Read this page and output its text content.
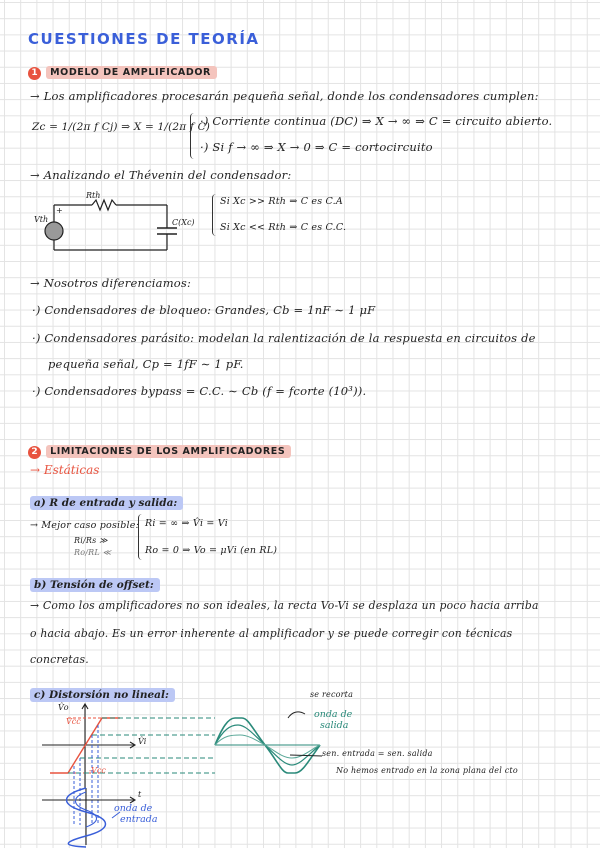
CUESTIONES DE TEORÍA
1 MODELO DE AMPLIFICADOR
→ Los amplificadores procesarán pequeña señal, donde los condensadores cumplen:
Zc = 1/(2π f Cj) ⇒ X = 1/(2π f C)
·) Corriente continua (DC) ⇒ X → ∞ ⇒ C = circuito abierto.
·) Si f → ∞ ⇒ X → 0 ⇒ C = cortocircuito
→ Analizando el Thévenin del condensador:
Rth
Vth
+
C(Xc)
Si Xc >> Rth ⇒ C es C.A
Si Xc << Rth ⇒ C es C.C.
→ Nosotros diferenciamos:
·) Condensadores de bloqueo: Grandes, Cb = 1nF ∼ 1 μF
·) Condensadores parásito: modelan la ralentización de la respuesta en circuitos de
pequeña señal, Cp = 1fF ∼ 1 pF.
·) Condensadores bypass = C.C. ∼ Cb (f = fcorte (10³)).
2 LIMITACIONES DE LOS AMPLIFICADORES
→ Estáticas
a) R de entrada y salida:
→ Mejor caso posible:
Ri/Rs ≫
Ro/RL ≪
Ri = ∞ ⇒ V̂i = Vi
Ro = 0 ⇒ Vo = μVi (en RL)
b) Tensión de offset:
→ Como los amplificadores no son ideales, la recta Vo-Vi se desplaza un poco hacia arriba
o hacia abajo. Es un error inherente al amplificador y se puede corregir con técnicas
concretas.
c) Distorsión no lineal:
V̂o
Vcc
-Vcc
V̂i
t
se recorta
onda de
salida
sen. entrada = sen. salida
No hemos entrado en la zona plana del cto
onda de
entrada
